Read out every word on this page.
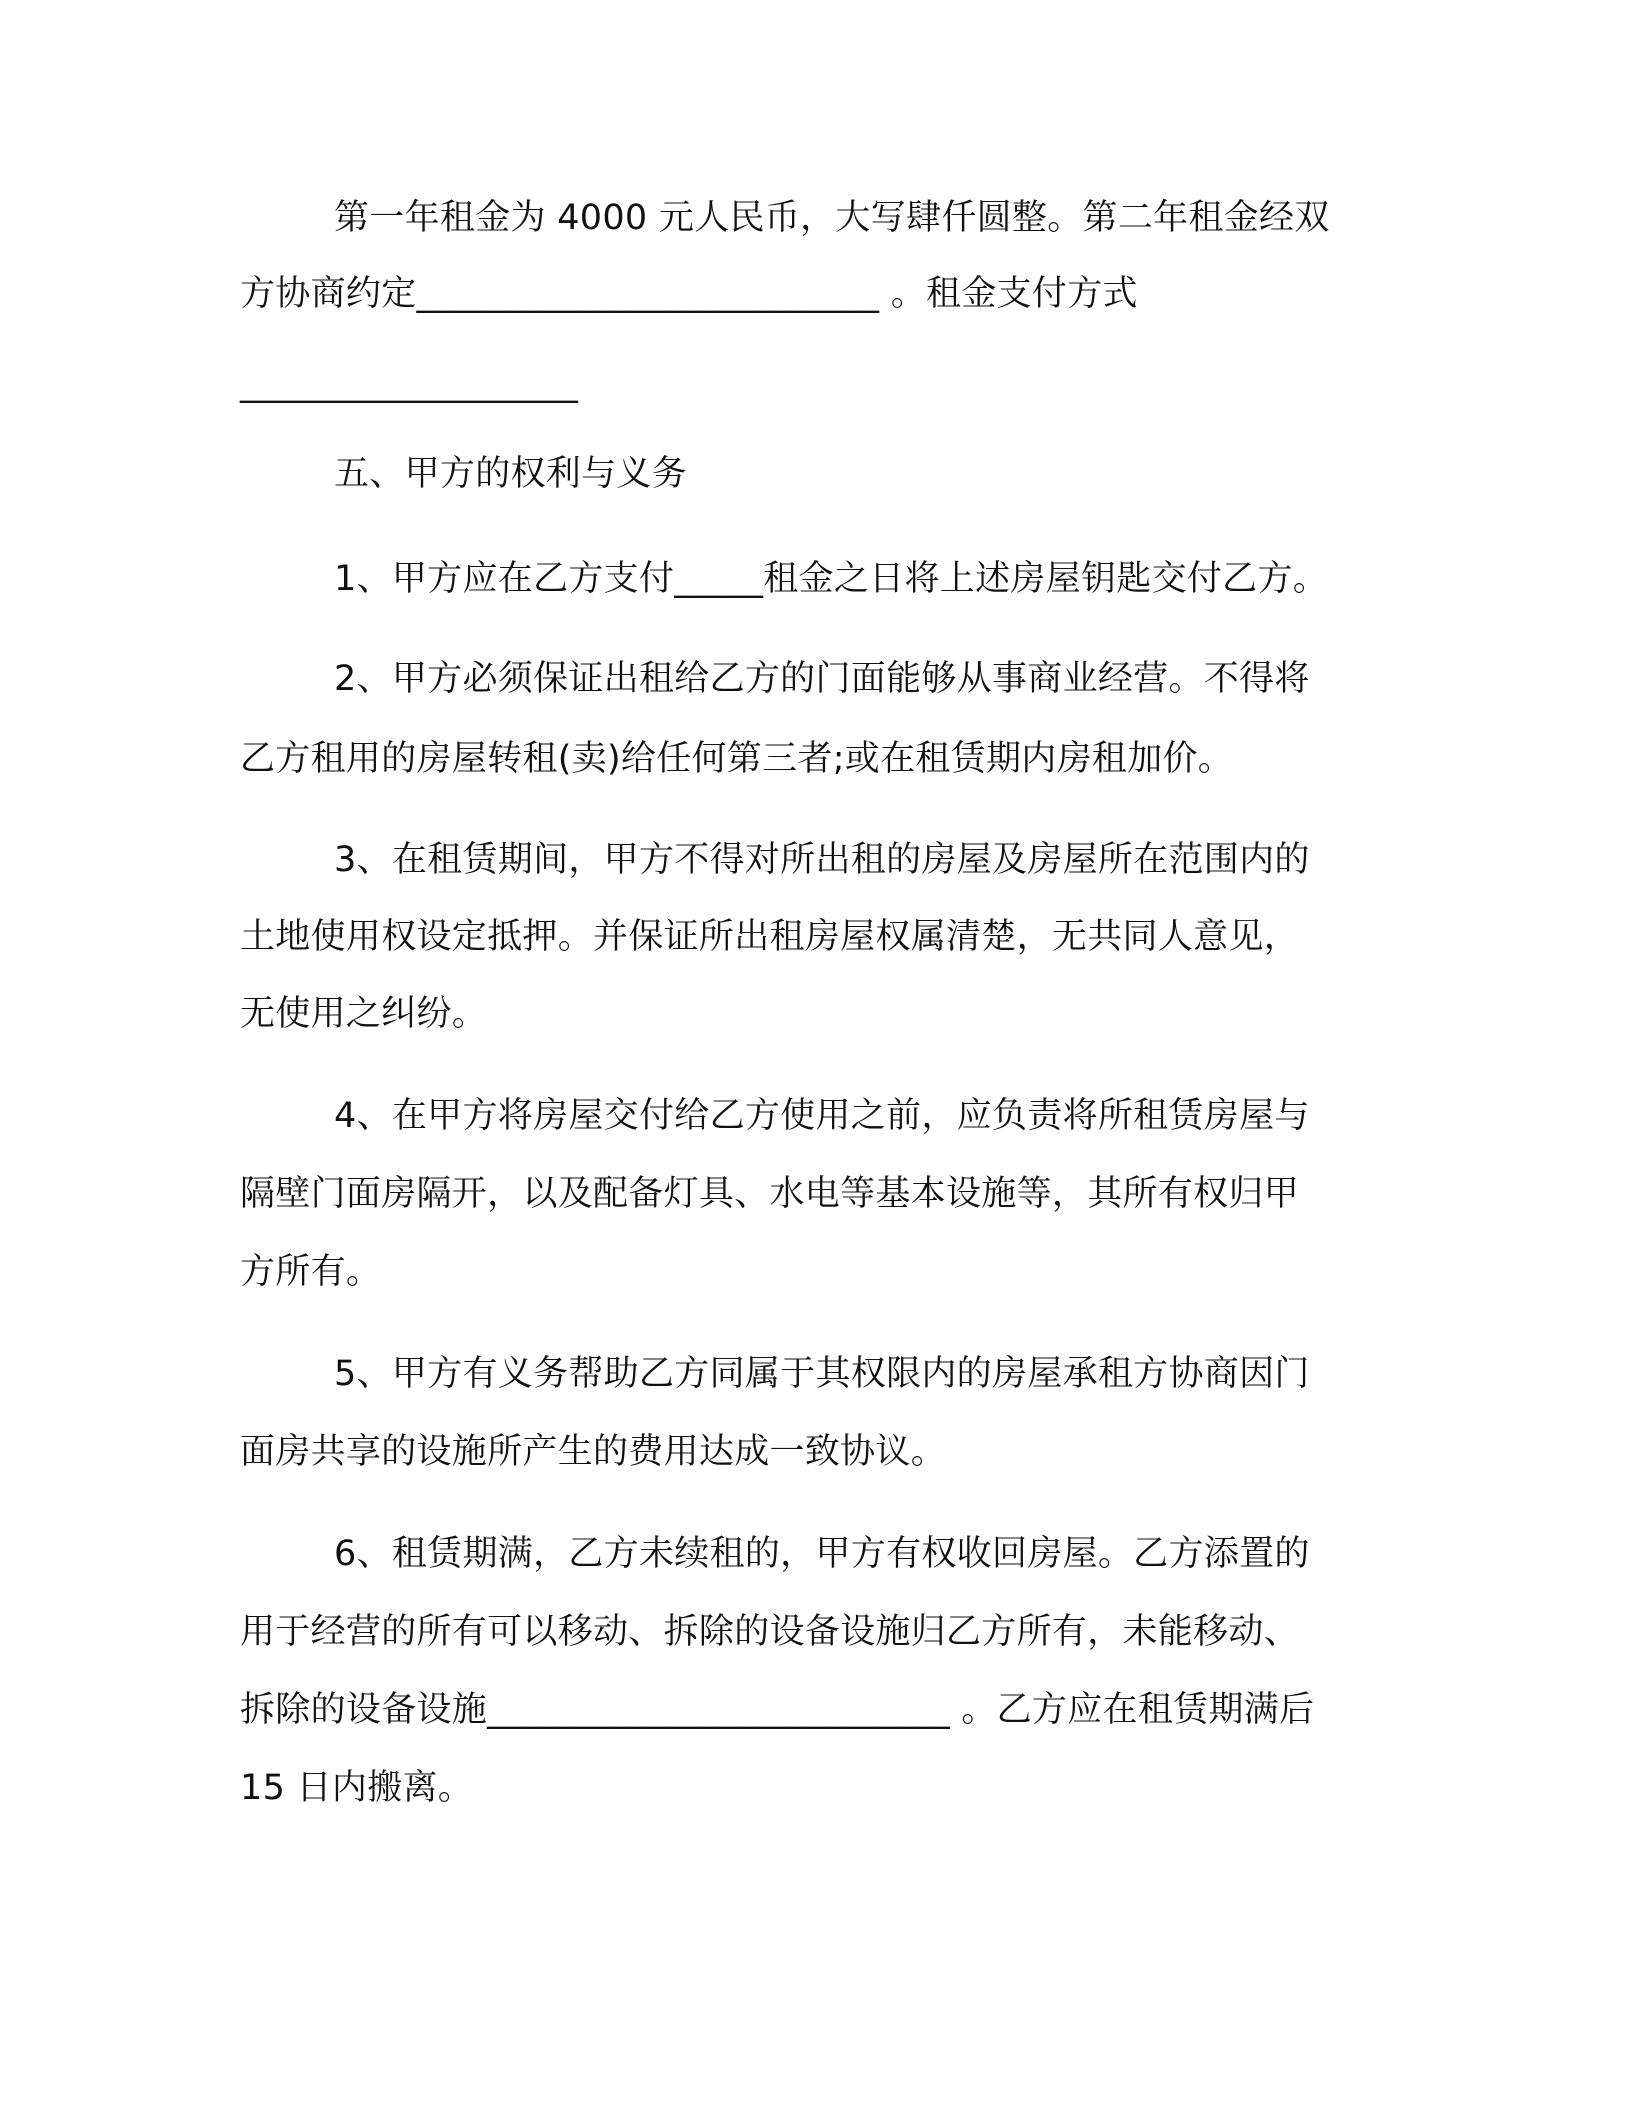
第一年租金为 4000 元人民币，大写肆仟圆整。第二年租金经双

方协商约定__________________________ 。租金支付方式

___________________

五、甲方的权利与义务

1、甲方应在乙方支付_____租金之日将上述房屋钥匙交付乙方。

2、甲方必须保证出租给乙方的门面能够从事商业经营。不得将

乙方租用的房屋转租(卖)给任何第三者;或在租赁期内房租加价。

3、在租赁期间，甲方不得对所出租的房屋及房屋所在范围内的

土地使用权设定抵押。并保证所出租房屋权属清楚，无共同人意见，

无使用之纠纷。

4、在甲方将房屋交付给乙方使用之前，应负责将所租赁房屋与

隔壁门面房隔开，以及配备灯具、水电等基本设施等，其所有权归甲

方所有。

5、甲方有义务帮助乙方同属于其权限内的房屋承租方协商因门

面房共享的设施所产生的费用达成一致协议。

6、租赁期满，乙方未续租的，甲方有权收回房屋。乙方添置的

用于经营的所有可以移动、拆除的设备设施归乙方所有，未能移动、

拆除的设备设施__________________________ 。乙方应在租赁期满后

15 日内搬离。
